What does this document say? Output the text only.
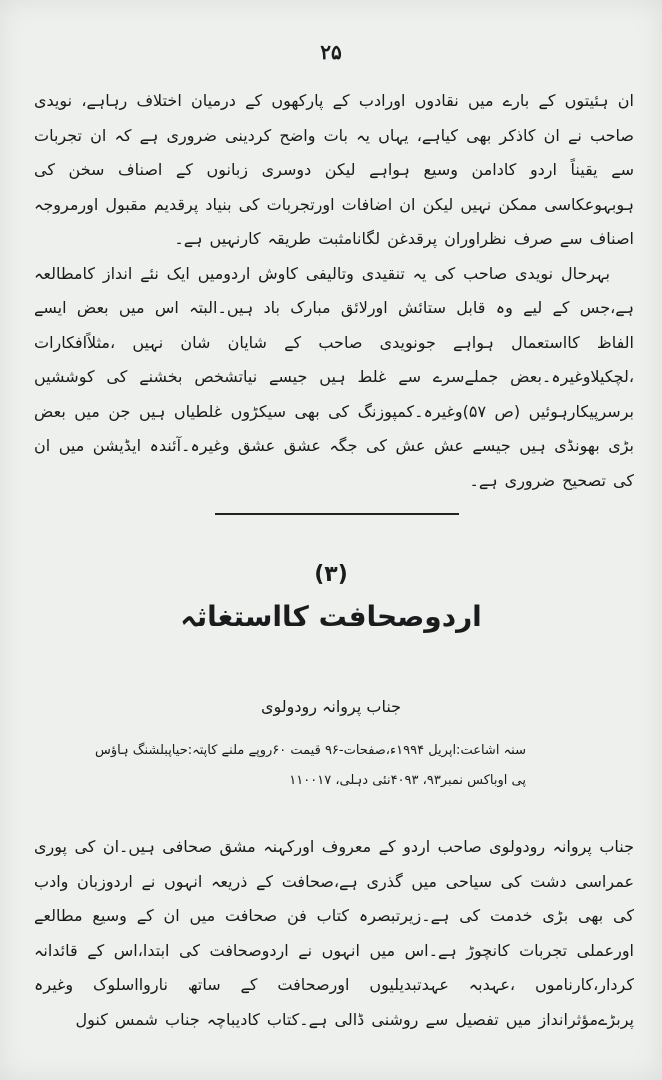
۲۵

ان ہئیتوں کے بارے میں نقادوں اورادب کے پارکھوں کے درمیان اختلاف رہاہے، نویدی صاحب نے ان کاذکر بھی کیاہے، یہاں یہ بات واضح کردینی ضروری ہے کہ ان تجربات سے یقیناً اردو کادامن وسیع ہواہے لیکن دوسری زبانوں کے اصناف سخن کی ہوبہوعکاسی ممکن نہیں لیکن ان اضافات اورتجربات کی بنیاد پرقدیم مقبول اورمروجہ اصناف سے صرف نظراوران پرقدغن لگانامثبت طریقہ کارنہیں ہے۔

بہرحال نویدی صاحب کی یہ تنقیدی وتالیفی کاوش اردومیں ایک نئے انداز کامطالعہ ہے،جس کے لیے وہ قابل ستائش اورلائق مبارک باد ہیں۔البتہ اس میں بعض ایسے الفاظ کااستعمال ہواہے جونویدی صاحب کے شایان شان نہیں ،مثلاًافکارات ،لچکیلاوغیرہ۔بعض جملےسرے سے غلط ہیں جیسے نیاتشخص بخشنے کی کوششیں برسرپیکارہوئیں (ص ۵۷)وغیرہ۔کمپوزنگ کی بھی سیکڑوں غلطیاں ہیں جن میں بعض بڑی بھونڈی ہیں جیسے عش عش کی جگہ عشق عشق وغیرہ۔آئندہ ایڈیشن میں ان کی تصحیح ضروری ہے۔

(۳)
اردوصحافت کااستغاثہ
جناب پروانہ رودولوی
سنہ اشاعت:اپریل ۱۹۹۴ء،صفحات-۹۶ قیمت ۶۰روپے ملنے کاپتہ:حیاپبلشنگ ہاؤس
پی اوباکس نمبر۹۳، ۴۰۹۳نئی دہلی، ۱۱۰۰۱۷

جناب پروانہ رودولوی صاحب اردو کے معروف اورکہنہ مشق صحافی ہیں۔ان کی پوری عمراسی دشت کی سیاحی میں گذری ہے،صحافت کے ذریعہ انہوں نے اردوزبان وادب کی بھی بڑی خدمت کی ہے۔زیرتبصرہ کتاب فن صحافت میں ان کے وسیع مطالعے اورعملی تجربات کانچوڑ ہے۔اس میں انہوں نے اردوصحافت کی ابتدا،اس کے قائدانہ کردار،کارناموں ،عہدبہ عہدتبدیلیوں اورصحافت کے ساتھ ناروااسلوک وغیرہ پربڑےمؤثرانداز میں تفصیل سے روشنی ڈالی ہے۔کتاب کادیباچہ جناب شمس کنول
